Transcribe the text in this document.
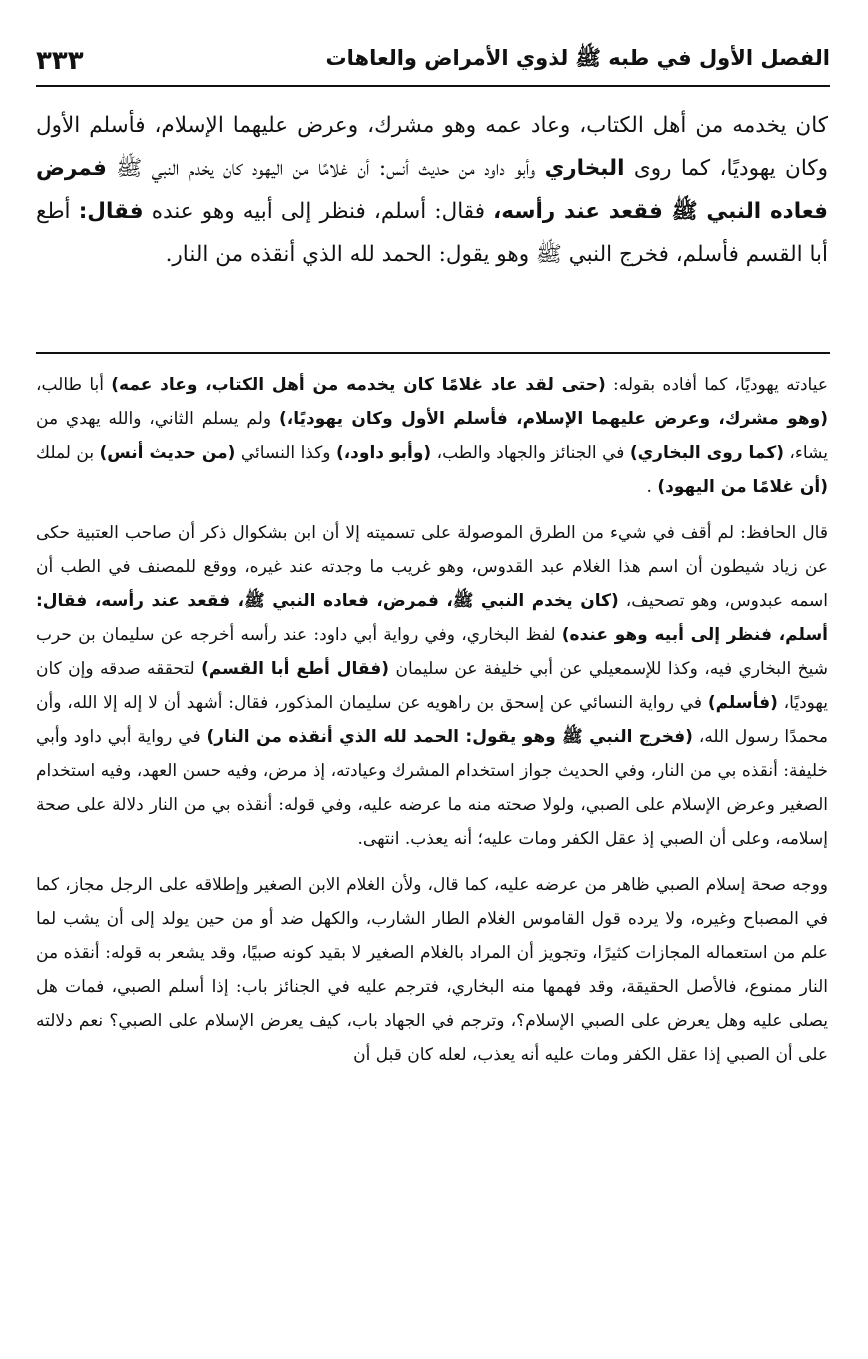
الفصل الأول في طبه ﷺ لذوي الأمراض والعاهات
٣٣٣

كان يخدمه من أهل الكتاب، وعاد عمه وهو مشرك، وعرض عليهما الإسلام، فأسلم الأول وكان يهوديًا، كما روى البخاري وأبو داود من حديث أنس: أن غلامًا من اليهود كان يخدم النبي ﷺ فمرض فعاده النبي ﷺ فقعد عند رأسه، فقال: أسلم، فنظر إلى أبيه وهو عنده فقال: أطع أبا القسم فأسلم، فخرج النبي ﷺ وهو يقول: الحمد لله الذي أنقذه من النار.

عيادته يهوديًا، كما أفاده بقوله: (حتى لقد عاد غلامًا كان يخدمه من أهل الكتاب، وعاد عمه) أبا طالب، (وهو مشرك، وعرض عليهما الإسلام، فأسلم الأول وكان يهوديًا،) ولم يسلم الثاني، والله يهدي من يشاء، (كما روى البخاري) في الجنائز والجهاد والطب، (وأبو داود،) وكذا النسائي (من حديث أنس) بن لملك (أن غلامًا من اليهود) .

قال الحافظ: لم أقف في شيء من الطرق الموصولة على تسميته إلا أن ابن بشكوال ذكر أن صاحب العتبية حكى عن زياد شيطون أن اسم هذا الغلام عبد القدوس، وهو غريب ما وجدته عند غيره، ووقع للمصنف في الطب أن اسمه عبدوس، وهو تصحيف، (كان يخدم النبي ﷺ، فمرض، فعاده النبي ﷺ، فقعد عند رأسه، فقال: أسلم، فنظر إلى أبيه وهو عنده) لفظ البخاري، وفي رواية أبي داود: عند رأسه أخرجه عن سليمان بن حرب شيخ البخاري فيه، وكذا للإسمعيلي عن أبي خليفة عن سليمان (فقال أطع أبا القسم) لتحققه صدقه وإن كان يهوديًا، (فأسلم) في رواية النسائي عن إسحق بن راهويه عن سليمان المذكور، فقال: أشهد أن لا إله إلا الله، وأن محمدًا رسول الله، (فخرج النبي ﷺ وهو يقول: الحمد لله الذي أنقذه من النار) في رواية أبي داود وأبي خليفة: أنقذه بي من النار، وفي الحديث جواز استخدام المشرك وعيادته، إذ مرض، وفيه حسن العهد، وفيه استخدام الصغير وعرض الإسلام على الصبي، ولولا صحته منه ما عرضه عليه، وفي قوله: أنقذه بي من النار دلالة على صحة إسلامه، وعلى أن الصبي إذ عقل الكفر ومات عليه؛ أنه يعذب. انتهى.

ووجه صحة إسلام الصبي ظاهر من عرضه عليه، كما قال، ولأن الغلام الابن الصغير وإطلاقه على الرجل مجاز، كما في المصباح وغيره، ولا يرده قول القاموس الغلام الطار الشارب، والكهل ضد أو من حين يولد إلى أن يشب لما علم من استعماله المجازات كثيرًا، وتجويز أن المراد بالغلام الصغير لا بقيد كونه صبيًا، وقد يشعر به قوله: أنقذه من النار ممنوع، فالأصل الحقيقة، وقد فهمها منه البخاري، فترجم عليه في الجنائز باب: إذا أسلم الصبي، فمات هل يصلى عليه وهل يعرض على الصبي الإسلام؟، وترجم في الجهاد باب، كيف يعرض الإسلام على الصبي؟ نعم دلالته على أن الصبي إذا عقل الكفر ومات عليه أنه يعذب، لعله كان قبل أن
